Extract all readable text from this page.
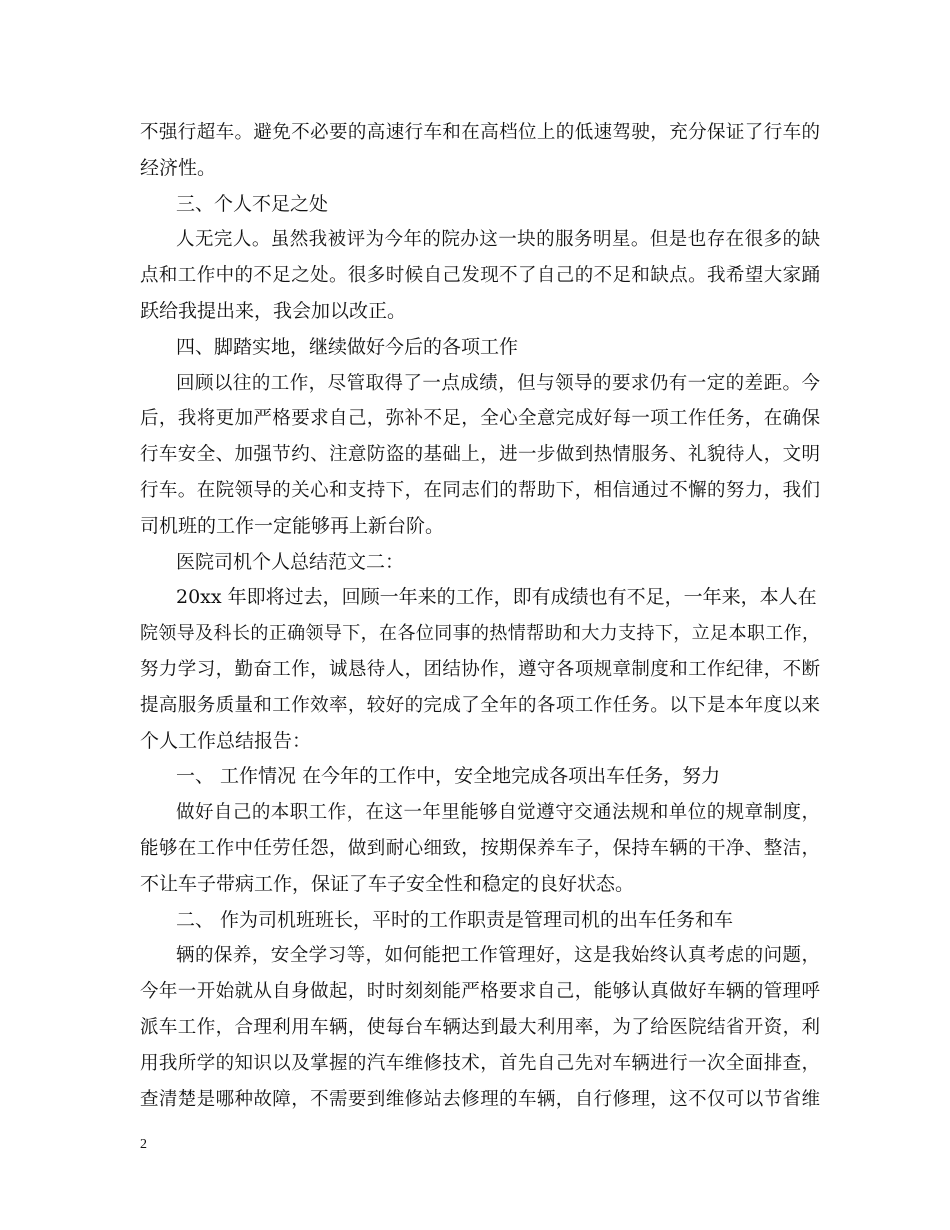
不强行超车。避免不必要的高速行车和在高档位上的低速驾驶，充分保证了行车的
经济性。
三、个人不足之处
人无完人。虽然我被评为今年的院办这一块的服务明星。但是也存在很多的缺
点和工作中的不足之处。很多时候自己发现不了自己的不足和缺点。我希望大家踊
跃给我提出来，我会加以改正。
四、脚踏实地，继续做好今后的各项工作
回顾以往的工作，尽管取得了一点成绩，但与领导的要求仍有一定的差距。今
后，我将更加严格要求自己，弥补不足，全心全意完成好每一项工作任务，在确保
行车安全、加强节约、注意防盗的基础上，进一步做到热情服务、礼貌待人，文明
行车。在院领导的关心和支持下，在同志们的帮助下，相信通过不懈的努力，我们
司机班的工作一定能够再上新台阶。
医院司机个人总结范文二：
20xx 年即将过去，回顾一年来的工作，即有成绩也有不足，一年来，本人在
院领导及科长的正确领导下，在各位同事的热情帮助和大力支持下，立足本职工作，
努力学习，勤奋工作，诚恳待人，团结协作，遵守各项规章制度和工作纪律，不断
提高服务质量和工作效率，较好的完成了全年的各项工作任务。以下是本年度以来
个人工作总结报告：
一、 工作情况 在今年的工作中，安全地完成各项出车任务，努力
做好自己的本职工作，在这一年里能够自觉遵守交通法规和单位的规章制度，
能够在工作中任劳任怨，做到耐心细致，按期保养车子，保持车辆的干净、整洁，
不让车子带病工作，保证了车子安全性和稳定的良好状态。
二、 作为司机班班长，平时的工作职责是管理司机的出车任务和车
辆的保养，安全学习等，如何能把工作管理好，这是我始终认真考虑的问题，
今年一开始就从自身做起，时时刻刻能严格要求自己，能够认真做好车辆的管理呼
派车工作，合理利用车辆，使每台车辆达到最大利用率，为了给医院结省开资，利
用我所学的知识以及掌握的汽车维修技术，首先自己先对车辆进行一次全面排查，
查清楚是哪种故障，不需要到维修站去修理的车辆，自行修理，这不仅可以节省维
2
